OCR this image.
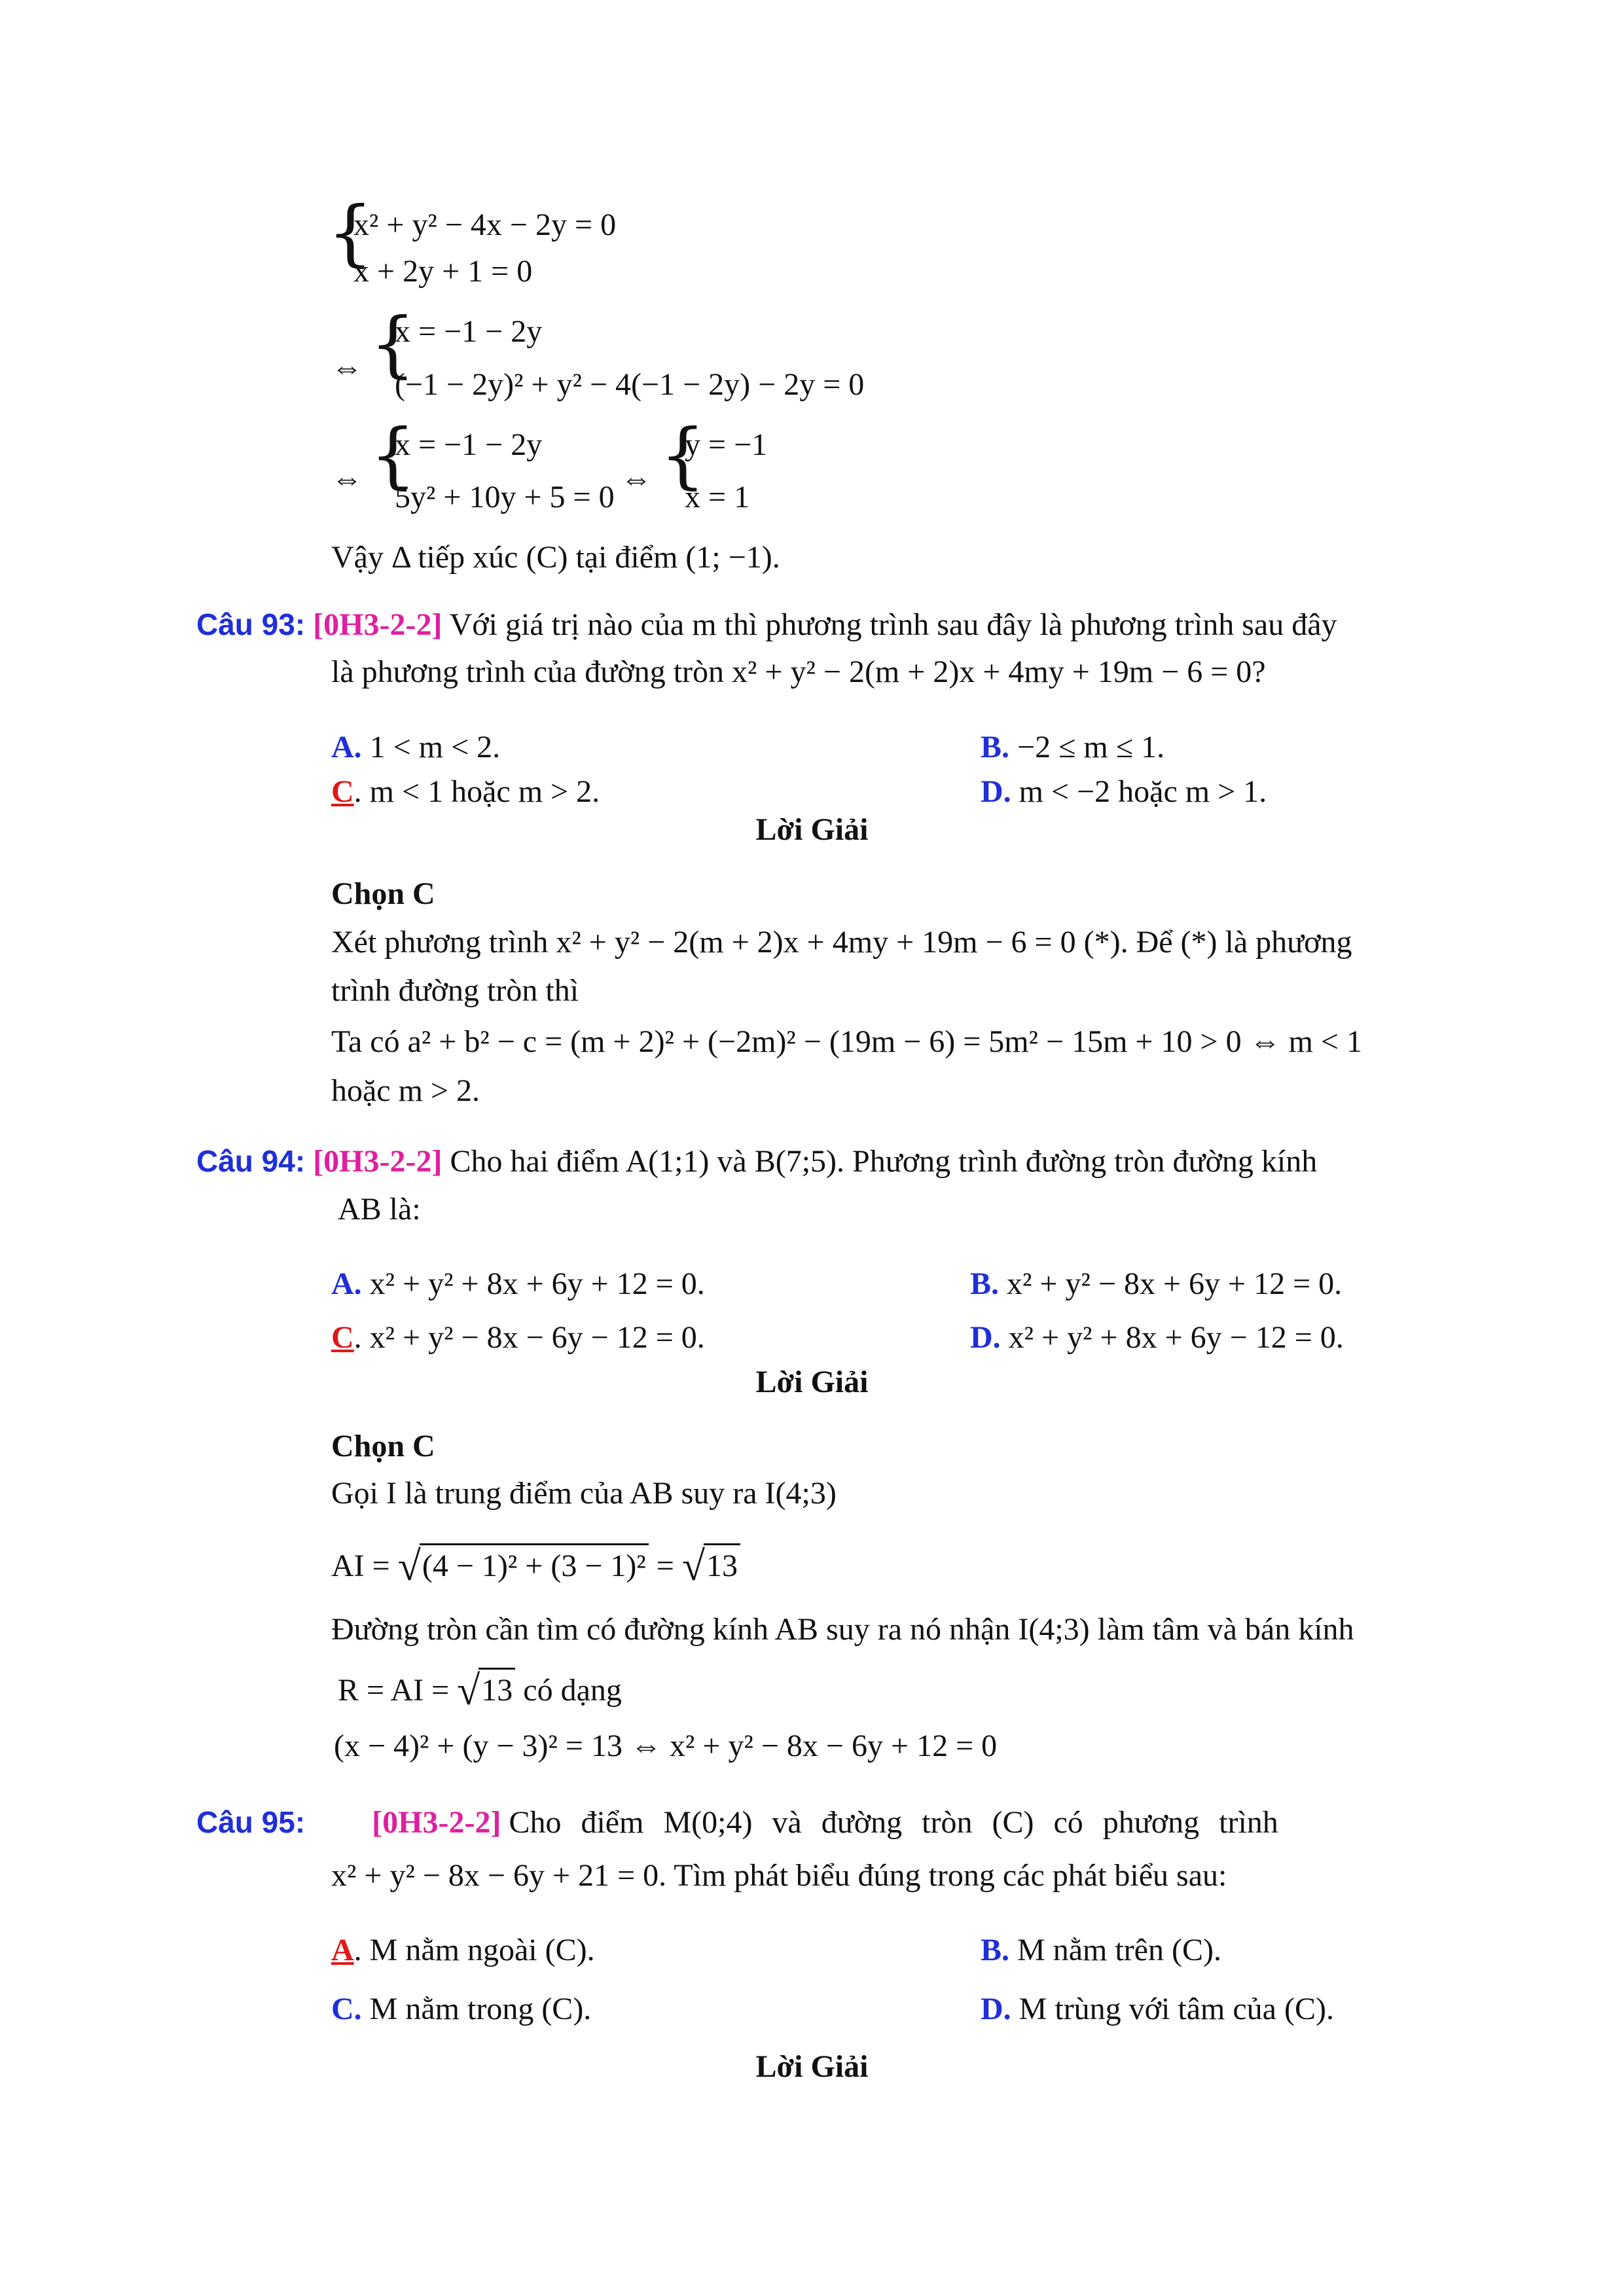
{
x² + y² − 4x − 2y = 0
x + 2y + 1 = 0
⇔ {
x = −1 − 2y
(−1 − 2y)² + y² − 4(−1 − 2y) − 2y = 0
⇔ {
x = −1 − 2y
5y² + 10y + 5 = 0
⇔ {
y = −1
x = 1
Vậy Δ tiếp xúc (C) tại điểm (1; −1).
Câu 93: [0H3-2-2] Với giá trị nào của m thì phương trình sau đây là phương trình sau đây
là phương trình của đường tròn x² + y² − 2(m + 2)x + 4my + 19m − 6 = 0?
A. 1 < m < 2.	B. −2 ≤ m ≤ 1.
C. m < 1 hoặc m > 2.	D. m < −2 hoặc m > 1.
Lời Giải
Chọn C
Xét phương trình x² + y² − 2(m + 2)x + 4my + 19m − 6 = 0 (*). Để (*) là phương
trình đường tròn thì
Ta có a² + b² − c = (m + 2)² + (−2m)² − (19m − 6) = 5m² − 15m + 10 > 0 ⇔ m < 1
hoặc m > 2.
Câu 94: [0H3-2-2] Cho hai điểm A(1;1) và B(7;5). Phương trình đường tròn đường kính
AB là:
A. x² + y² + 8x + 6y + 12 = 0.	B. x² + y² − 8x + 6y + 12 = 0.
C. x² + y² − 8x − 6y − 12 = 0.	D. x² + y² + 8x + 6y − 12 = 0.
Lời Giải
Chọn C
Gọi I là trung điểm của AB suy ra I(4;3)
AI = √(4 − 1)² + (3 − 1)² = √13
Đường tròn cần tìm có đường kính AB suy ra nó nhận I(4;3) làm tâm và bán kính
R = AI = √13 có dạng
(x − 4)² + (y − 3)² = 13 ⇔ x² + y² − 8x − 6y + 12 = 0
Câu 95: [0H3-2-2] Cho điểm M(0;4) và đường tròn (C) có phương trình
x² + y² − 8x − 6y + 21 = 0. Tìm phát biểu đúng trong các phát biểu sau:
A. M nằm ngoài (C).	B. M nằm trên (C).
C. M nằm trong (C).	D. M trùng với tâm của (C).
Lời Giải
